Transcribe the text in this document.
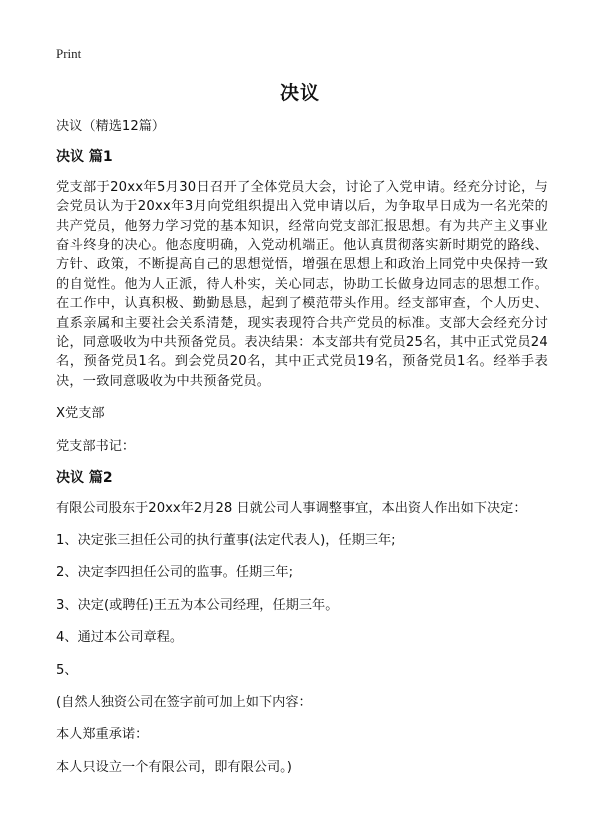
Print
决议
决议（精选12篇）
决议 篇1
党支部于20xx年5月30日召开了全体党员大会，讨论了入党申请。经充分讨论，与会党员认为于20xx年3月向党组织提出入党申请以后，为争取早日成为一名光荣的共产党员，他努力学习党的基本知识，经常向党支部汇报思想。有为共产主义事业奋斗终身的决心。他态度明确，入党动机端正。他认真贯彻落实新时期党的路线、方针、政策，不断提高自己的思想觉悟，增强在思想上和政治上同党中央保持一致的自觉性。他为人正派，待人朴实，关心同志，协助工长做身边同志的思想工作。在工作中，认真积极、勤勤恳恳，起到了模范带头作用。经支部审查，个人历史、直系亲属和主要社会关系清楚，现实表现符合共产党员的标准。支部大会经充分讨论，同意吸收为中共预备党员。表决结果：本支部共有党员25名，其中正式党员24名，预备党员1名。到会党员20名，其中正式党员19名，预备党员1名。经举手表决，一致同意吸收为中共预备党员。
X党支部
党支部书记：
决议 篇2
有限公司股东于20xx年2月28 日就公司人事调整事宜，本出资人作出如下决定：
1、决定张三担任公司的执行董事(法定代表人)，任期三年;
2、决定李四担任公司的监事。任期三年;
3、决定(或聘任)王五为本公司经理，任期三年。
4、通过本公司章程。
5、
(自然人独资公司在签字前可加上如下内容：
本人郑重承诺：
本人只设立一个有限公司，即有限公司。)
